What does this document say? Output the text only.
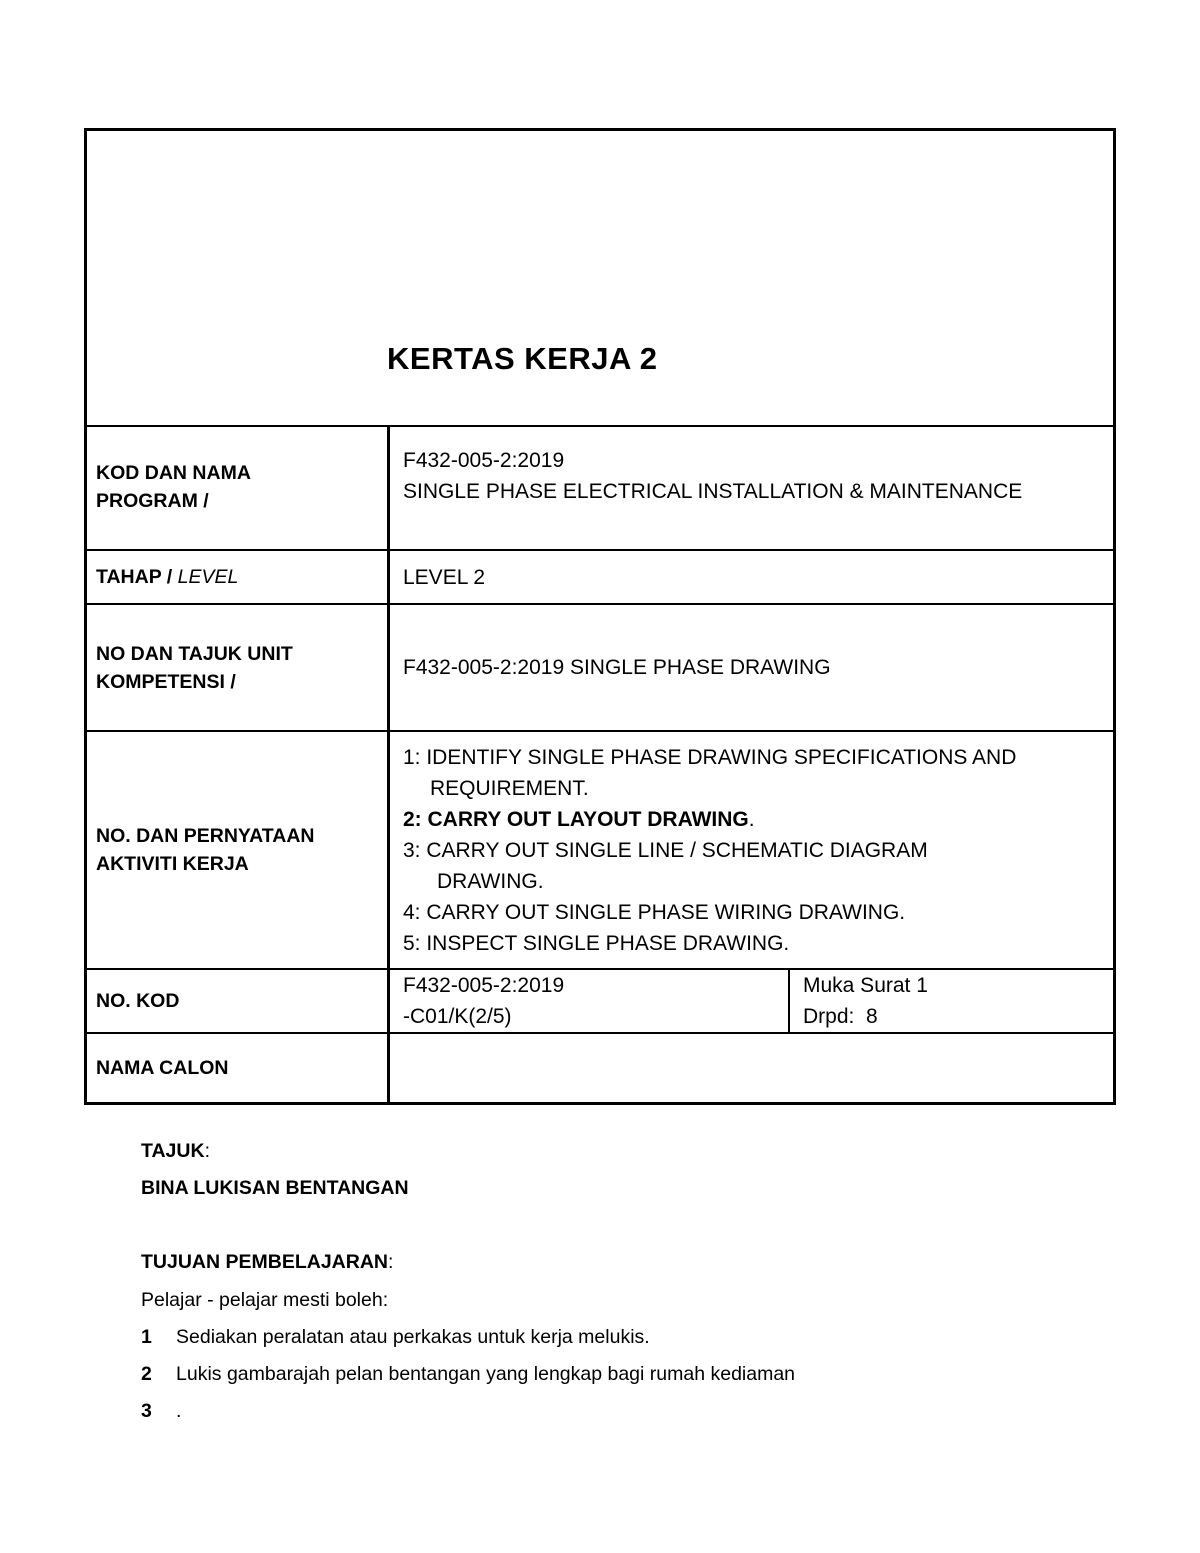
KERTAS KERJA 2
KOD DAN NAMA
PROGRAM /
F432-005-2:2019
SINGLE PHASE ELECTRICAL INSTALLATION & MAINTENANCE
TAHAP / LEVEL	LEVEL 2
NO DAN TAJUK UNIT
KOMPETENSI /
F432-005-2:2019 SINGLE PHASE DRAWING
NO. DAN PERNYATAAN
AKTIVITI KERJA
1: IDENTIFY SINGLE PHASE DRAWING SPECIFICATIONS AND
REQUIREMENT.
2: CARRY OUT LAYOUT DRAWING.
3: CARRY OUT SINGLE LINE / SCHEMATIC DIAGRAM
DRAWING.
4: CARRY OUT SINGLE PHASE WIRING DRAWING.
5: INSPECT SINGLE PHASE DRAWING.
NO. KOD
F432-005-2:2019
-C01/K(2/5)
Muka Surat 1
Drpd:  8
NAMA CALON
TAJUK:
BINA LUKISAN BENTANGAN
TUJUAN PEMBELAJARAN:
Pelajar - pelajar mesti boleh:
1 Sediakan peralatan atau perkakas untuk kerja melukis.
2 Lukis gambarajah pelan bentangan yang lengkap bagi rumah kediaman
3 .
